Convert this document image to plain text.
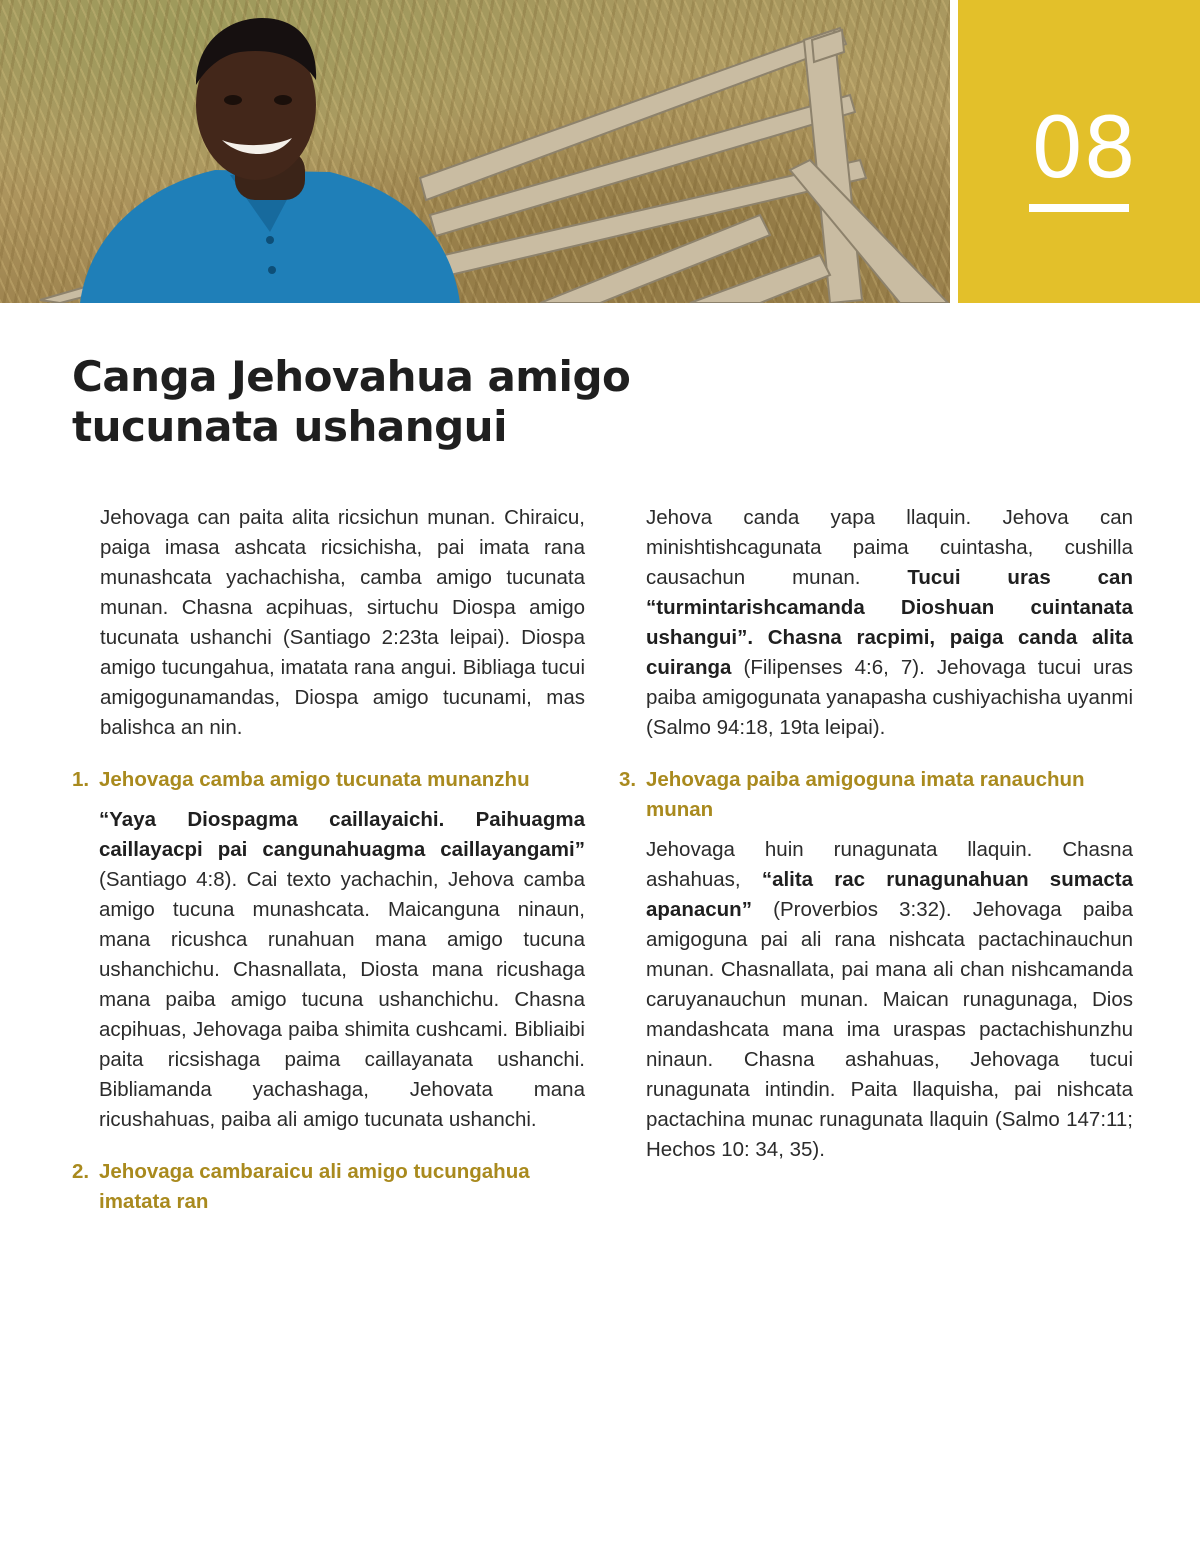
08
Canga Jehovahua amigo tucunata ushangui

Jehovaga can paita alita ricsichun munan. Chiraicu, paiga imasa ashcata ricsichisha, pai imata rana munashcata yachachisha, camba amigo tucunata munan. Chasna acpihuas, sirtuchu Diospa amigo tucunata ushanchi (Santiago 2:23ta leipai). Diospa amigo tucungahua, imatata rana angui. Bibliaga tucui amigogunamandas, Diospa amigo tucunami, mas balishca an nin.

1. Jehovaga camba amigo tucunata munanzhu

“Yaya Diospagma caillayaichi. Paihuagma caillayacpi pai cangunahuagma caillayangami” (Santiago 4:8). Cai texto yachachin, Jehova camba amigo tucuna munashcata. Maicanguna ninaun, mana ricushca runahuan mana amigo tucuna ushanchichu. Chasnallata, Diosta mana ricushaga mana paiba amigo tucuna ushanchichu. Chasna acpihuas, Jehovaga paiba shimita cushcami. Bibliaibi paita ricsishaga paima caillayanata ushanchi. Bibliamanda yachashaga, Jehovata mana ricushahuas, paiba ali amigo tucunata ushanchi.

2. Jehovaga cambaraicu ali amigo tucungahua imatata ran

Jehova canda yapa llaquin. Jehova can minishtishcagunata paima cuintasha, cushilla causachun munan. Tucui uras can “turmintarishcamanda Dioshuan cuintanata ushangui”. Chasna racpimi, paiga canda alita cuiranga (Filipenses 4:6, 7). Jehovaga tucui uras paiba amigogunata yanapasha cushiyachisha uyanmi (Salmo 94:18, 19ta leipai).

3. Jehovaga paiba amigoguna imata ranauchun munan

Jehovaga huin runagunata llaquin. Chasna ashahuas, “alita rac runagunahuan sumacta apanacun” (Proverbios 3:32). Jehovaga paiba amigoguna pai ali rana nishcata pactachinauchun munan. Chasnallata, pai mana ali chan nishcamanda caruyanauchun munan. Maican runagunaga, Dios mandashcata mana ima uraspas pactachishunzhu ninaun. Chasna ashahuas, Jehovaga tucui runagunata intindin. Paita llaquisha, pai nishcata pactachina munac runagunata llaquin (Salmo 147:11; Hechos 10: 34, 35).
